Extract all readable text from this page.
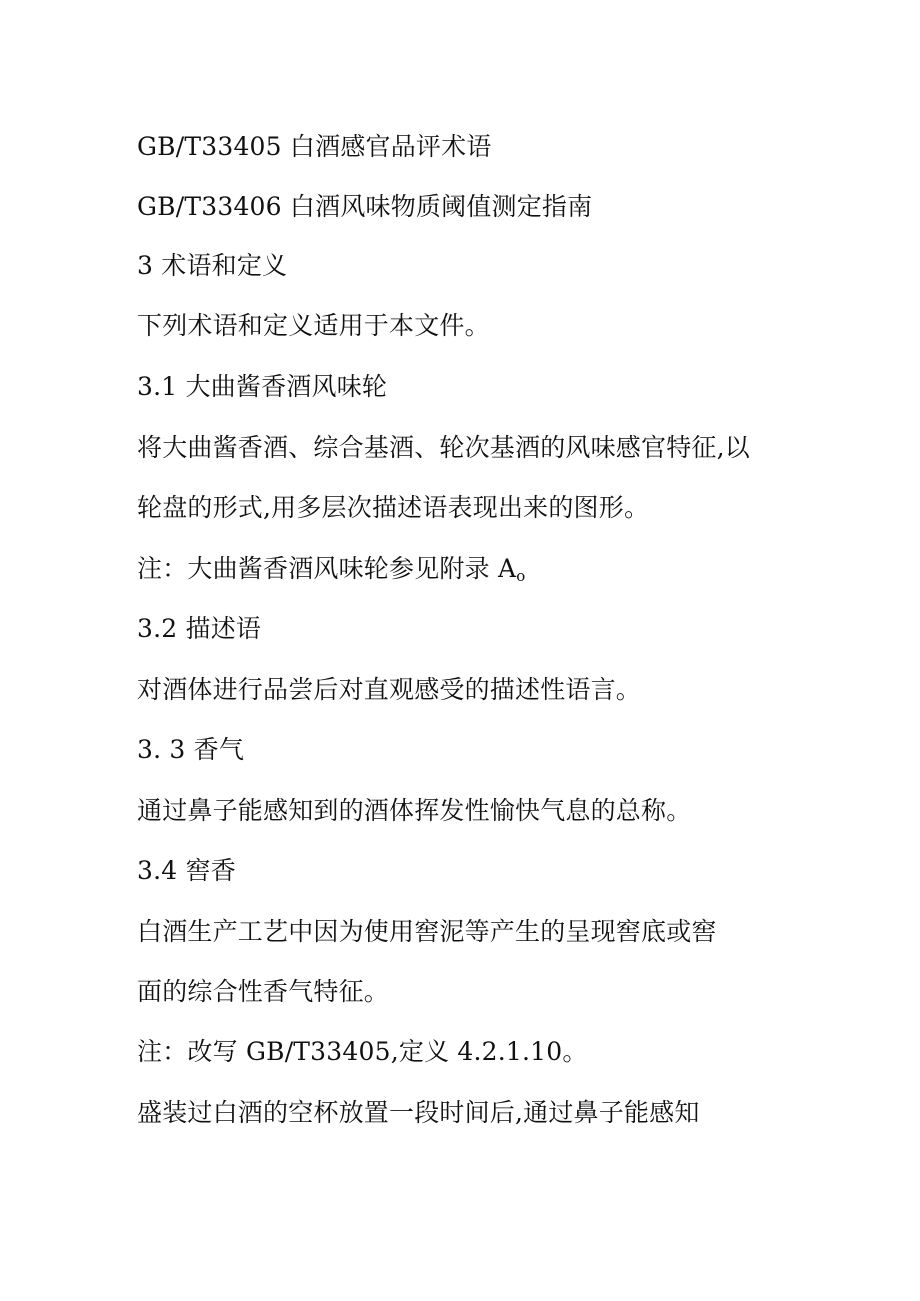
GB/T33405 白酒感官品评术语
GB/T33406 白酒风味物质阈值测定指南
3 术语和定义
下列术语和定义适用于本文件。
3.1 大曲酱香酒风味轮
将大曲酱香酒、综合基酒、轮次基酒的风味感官特征,以
轮盘的形式,用多层次描述语表现出来的图形。
注：大曲酱香酒风味轮参见附录 $A_o$
3.2 描述语
对酒体进行品尝后对直观感受的描述性语言。
3. 3 香气
通过鼻子能感知到的酒体挥发性愉快气息的总称。
3.4 窖香
白酒生产工艺中因为使用窖泥等产生的呈现窖底或窖
面的综合性香气特征。
注：改写 GB/T33405,定义 4.2.1.10。
盛装过白酒的空杯放置一段时间后,通过鼻子能感知
